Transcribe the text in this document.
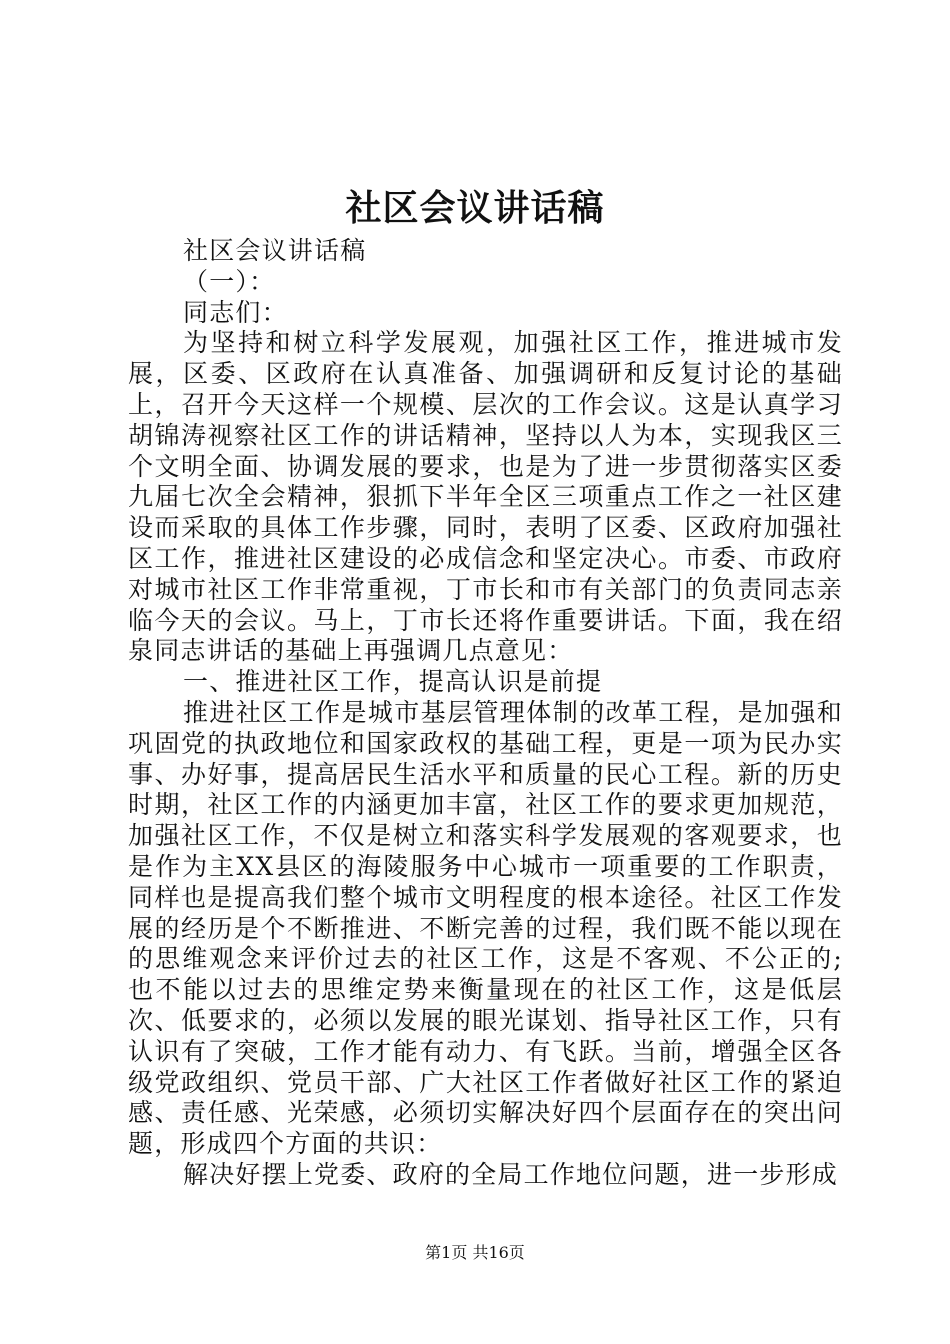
社区会议讲话稿

社区会议讲话稿

（一）：

同志们：

为坚持和树立科学发展观，加强社区工作，推进城市发展，区委、区政府在认真准备、加强调研和反复讨论的基础上，召开今天这样一个规模、层次的工作会议。这是认真学习胡锦涛视察社区工作的讲话精神，坚持以人为本，实现我区三个文明全面、协调发展的要求，也是为了进一步贯彻落实区委九届七次全会精神，狠抓下半年全区三项重点工作之一社区建设而采取的具体工作步骤，同时，表明了区委、区政府加强社区工作，推进社区建设的必成信念和坚定决心。市委、市政府对城市社区工作非常重视，丁市长和市有关部门的负责同志亲临今天的会议。马上，丁市长还将作重要讲话。下面，我在绍泉同志讲话的基础上再强调几点意见：

一、推进社区工作，提高认识是前提

推进社区工作是城市基层管理体制的改革工程，是加强和巩固党的执政地位和国家政权的基础工程，更是一项为民办实事、办好事，提高居民生活水平和质量的民心工程。新的历史时期，社区工作的内涵更加丰富，社区工作的要求更加规范，加强社区工作，不仅是树立和落实科学发展观的客观要求，也是作为主XX县区的海陵服务中心城市一项重要的工作职责，同样也是提高我们整个城市文明程度的根本途径。社区工作发展的经历是个不断推进、不断完善的过程，我们既不能以现在的思维观念来评价过去的社区工作，这是不客观、不公正的;也不能以过去的思维定势来衡量现在的社区工作，这是低层次、低要求的，必须以发展的眼光谋划、指导社区工作，只有认识有了突破，工作才能有动力、有飞跃。当前，增强全区各级党政组织、党员干部、广大社区工作者做好社区工作的紧迫感、责任感、光荣感，必须切实解决好四个层面存在的突出问题，形成四个方面的共识：

解决好摆上党委、政府的全局工作地位问题，进一步形成

第1页 共16页
